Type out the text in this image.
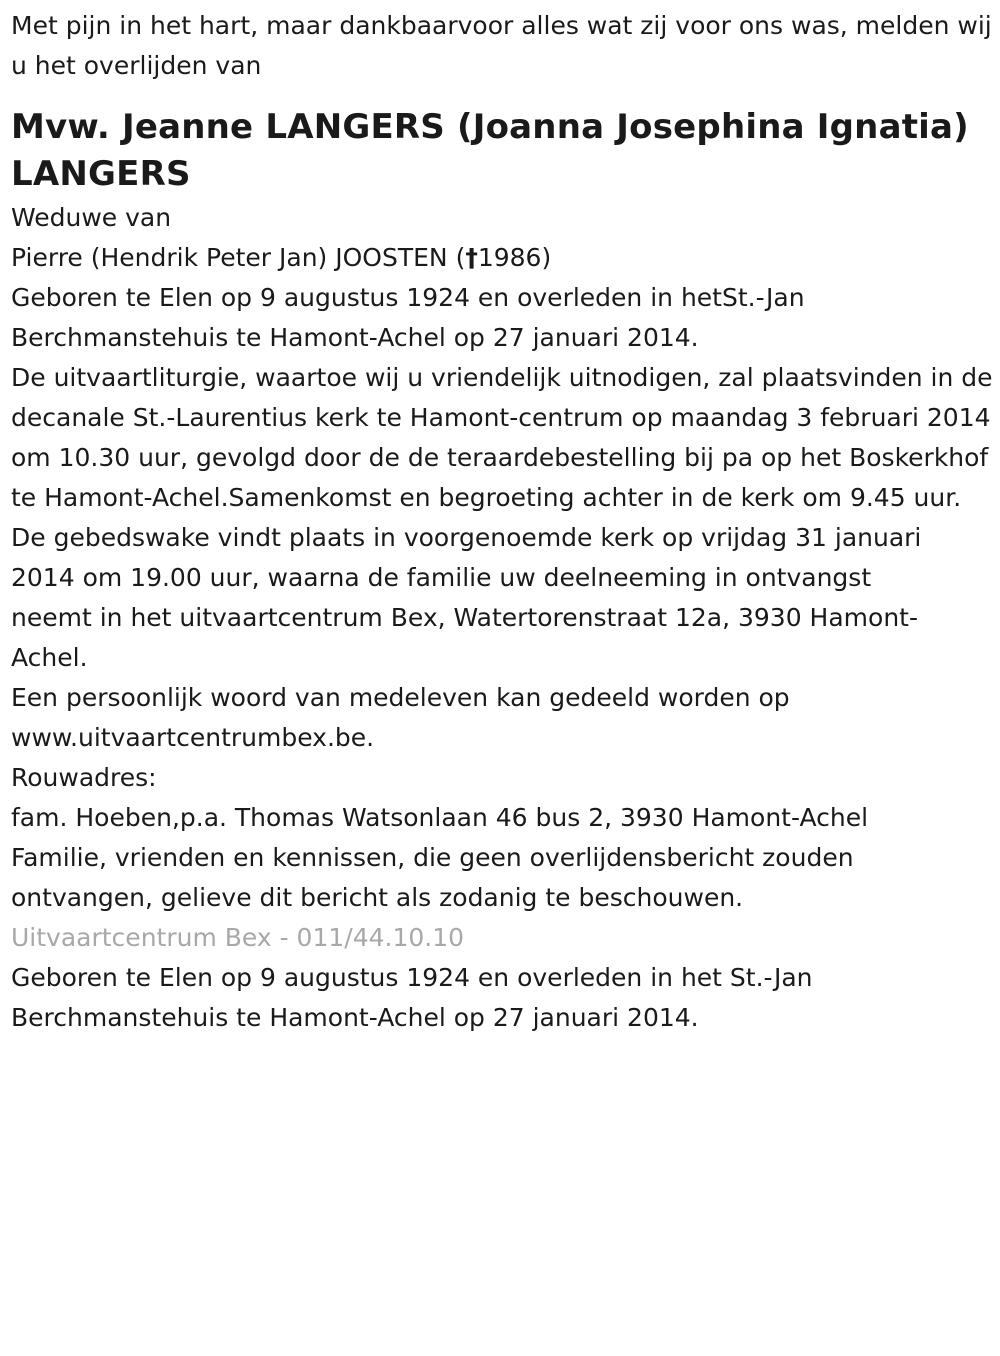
Met pijn in het hart, maar dankbaarvoor alles wat zij voor ons was, melden wij u het overlijden van

Mvw. Jeanne LANGERS (Joanna Josephina Ignatia) LANGERS

Weduwe van

Pierre (Hendrik Peter Jan) JOOSTEN (†1986)

Geboren te Elen op 9 augustus 1924 en overleden in hetSt.-Jan Berchmanstehuis te Hamont-Achel op 27 januari 2014.

De uitvaartliturgie, waartoe wij u vriendelijk uitnodigen, zal plaatsvinden in de decanale St.-Laurentius kerk te Hamont-centrum op maandag 3 februari 2014 om 10.30 uur, gevolgd door de de teraardebestelling bij pa op het Boskerkhof te Hamont-Achel.Samenkomst en begroeting achter in de kerk om 9.45 uur.

De gebedswake vindt plaats in voorgenoemde kerk op vrijdag 31 januari
2014 om 19.00 uur, waarna de familie uw deelneeming in ontvangst
neemt in het uitvaartcentrum Bex, Watertorenstraat 12a, 3930 Hamont-
Achel.

Een persoonlijk woord van medeleven kan gedeeld worden op www.uitvaartcentrumbex.be.

Rouwadres:

fam. Hoeben,p.a. Thomas Watsonlaan 46 bus 2, 3930 Hamont-Achel

Familie, vrienden en kennissen, die geen overlijdensbericht zouden ontvangen, gelieve dit bericht als zodanig te beschouwen.

Uitvaartcentrum Bex - 011/44.10.10

Geboren te Elen op 9 augustus 1924 en overleden in het St.-Jan Berchmanstehuis te Hamont-Achel op 27 januari 2014.
